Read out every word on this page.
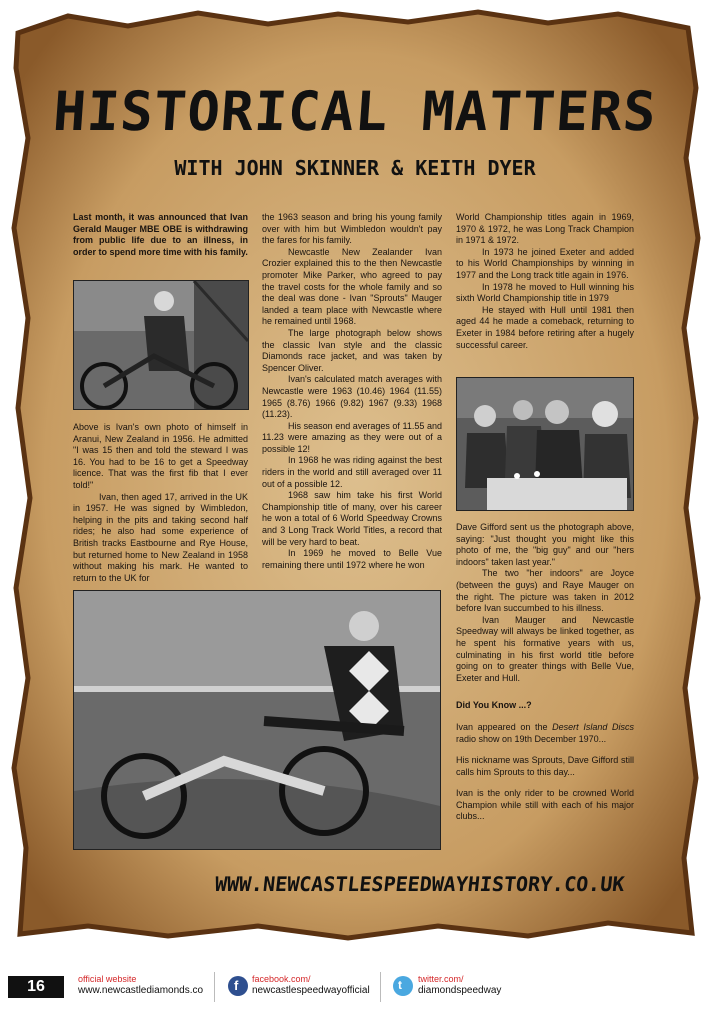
HISTORICAL MATTERS
WITH JOHN SKINNER & KEITH DYER

Last month, it was announced that Ivan Gerald Mauger MBE OBE is withdrawing from public life due to an illness, in order to spend more time with his family.

Above is Ivan's own photo of himself in Aranui, New Zealand in 1956. He admitted "I was 15 then and told the steward I was 16. You had to be 16 to get a Speedway licence. That was the first fib that I ever told!"

Ivan, then aged 17, arrived in the UK in 1957. He was signed by Wimbledon, helping in the pits and taking second half rides; he also had some experience of British tracks Eastbourne and Rye House, but returned home to New Zealand in 1958 without making his mark. He wanted to return to the UK for

the 1963 season and bring his young family over with him but Wimbledon wouldn't pay the fares for his family.

Newcastle New Zealander Ivan Crozier explained this to the then Newcastle promoter Mike Parker, who agreed to pay the travel costs for the whole family and so the deal was done - Ivan "Sprouts" Mauger landed a team place with Newcastle where he remained until 1968.

The large photograph below shows the classic Ivan style and the classic Diamonds race jacket, and was taken by Spencer Oliver.

Ivan's calculated match averages with Newcastle were 1963 (10.46) 1964 (11.55) 1965 (8.76) 1966 (9.82) 1967 (9.33) 1968 (11.23).

His season end averages of 11.55 and 11.23 were amazing as they were out of a possible 12!

In 1968 he was riding against the best riders in the world and still averaged over 11 out of a possible 12.

1968 saw him take his first World Championship title of many, over his career he won a total of 6 World Speedway Crowns and 3 Long Track World Titles, a record that will be very hard to beat.

In 1969 he moved to Belle Vue remaining there until 1972 where he won

World Championship titles again in 1969, 1970 & 1972, he was Long Track Champion in 1971 & 1972.

In 1973 he joined Exeter and added to his World Championships by winning in 1977 and the Long track title again in 1976.

In 1978 he moved to Hull winning his sixth World Championship title in 1979

He stayed with Hull until 1981 then aged 44 he made a comeback, returning to Exeter in 1984 before retiring after a hugely successful career.

Dave Gifford sent us the photograph above, saying: "Just thought you might like this photo of me, the "big guy" and our "hers indoors" taken last year."

The two "her indoors" are Joyce (between the guys) and Raye Mauger on the right. The picture was taken in 2012 before Ivan succumbed to his illness.

Ivan Mauger and Newcastle Speedway will always be linked together, as he spent his formative years with us, culminating in his first world title before going on to greater things with Belle Vue, Exeter and Hull.

Did You Know ...?

Ivan appeared on the Desert Island Discs radio show on 19th December 1970...

His nickname was Sprouts, Dave Gifford still calls him Sprouts to this day...

Ivan is the only rider to be crowned World Champion while still with each of his major clubs...

WWW.NEWCASTLESPEEDWAYHISTORY.CO.UK
16	official website
www.newcastlediamonds.co f facebook.com/
newcastlespeedwayofficial t twitter.com/
diamondspeedway
